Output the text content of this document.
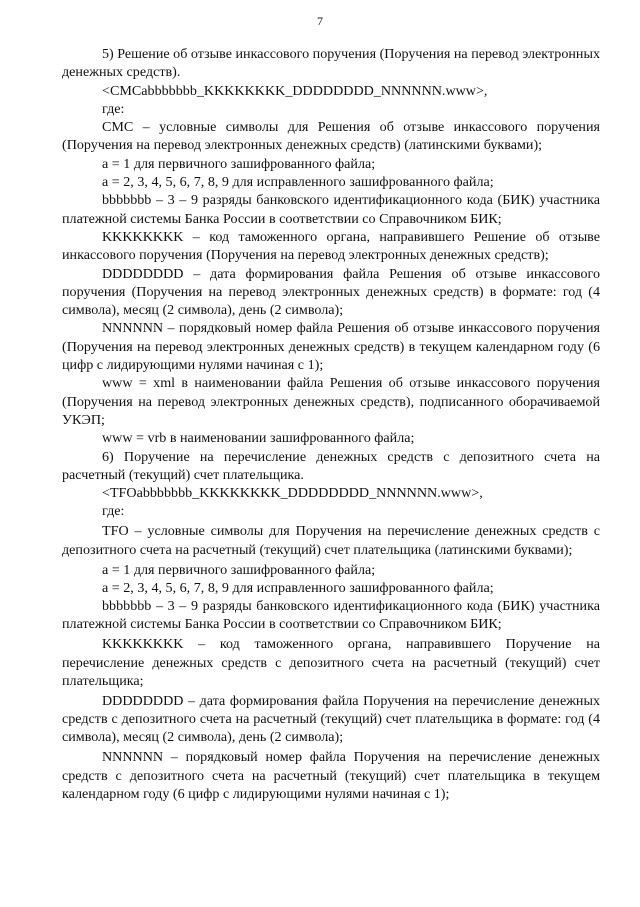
7

5) Решение об отзыве инкассового поручения (Поручения на перевод электронных денежных средств).

<CMCabbbbbbb_KKKKKKKK_DDDDDDDD_NNNNNN.www>,

где:

CMC – условные символы для Решения об отзыве инкассового поручения (Поручения на перевод электронных денежных средств) (латинскими буквами);

a = 1 для первичного зашифрованного файла;

a = 2, 3, 4, 5, 6, 7, 8, 9 для исправленного зашифрованного файла;

bbbbbbb – 3 – 9 разряды банковского идентификационного кода (БИК) участника платежной системы Банка России в соответствии со Справочником БИК;

KKKKKKKK – код таможенного органа, направившего Решение об отзыве инкассового поручения (Поручения на перевод электронных денежных средств);

DDDDDDDD – дата формирования файла Решения об отзыве инкассового поручения (Поручения на перевод электронных денежных средств) в формате: год (4 символа), месяц (2 символа), день (2 символа);

NNNNNN – порядковый номер файла Решения об отзыве инкассового поручения (Поручения на перевод электронных денежных средств) в текущем календарном году (6 цифр с лидирующими нулями начиная с 1);

www = xml в наименовании файла Решения об отзыве инкассового поручения (Поручения на перевод электронных денежных средств), подписанного оборачиваемой УКЭП;

www = vrb в наименовании зашифрованного файла;

6) Поручение на перечисление денежных средств с депозитного счета на расчетный (текущий) счет плательщика.

<TFOabbbbbbb_KKKKKKKK_DDDDDDDD_NNNNNN.www>,

где:

TFO – условные символы для Поручения на перечисление денежных средств с депозитного счета на расчетный (текущий) счет плательщика (латинскими буквами);

a = 1 для первичного зашифрованного файла;

a = 2, 3, 4, 5, 6, 7, 8, 9 для исправленного зашифрованного файла;

bbbbbbb – 3 – 9 разряды банковского идентификационного кода (БИК) участника платежной системы Банка России в соответствии со Справочником БИК;

KKKKKKKK – код таможенного органа, направившего Поручение на перечисление денежных средств с депозитного счета на расчетный (текущий) счет плательщика;

DDDDDDDD – дата формирования файла Поручения на перечисление денежных средств с депозитного счета на расчетный (текущий) счет плательщика в формате: год (4 символа), месяц (2 символа), день (2 символа);

NNNNNN – порядковый номер файла Поручения на перечисление денежных средств с депозитного счета на расчетный (текущий) счет плательщика в текущем календарном году (6 цифр с лидирующими нулями начиная с 1);
